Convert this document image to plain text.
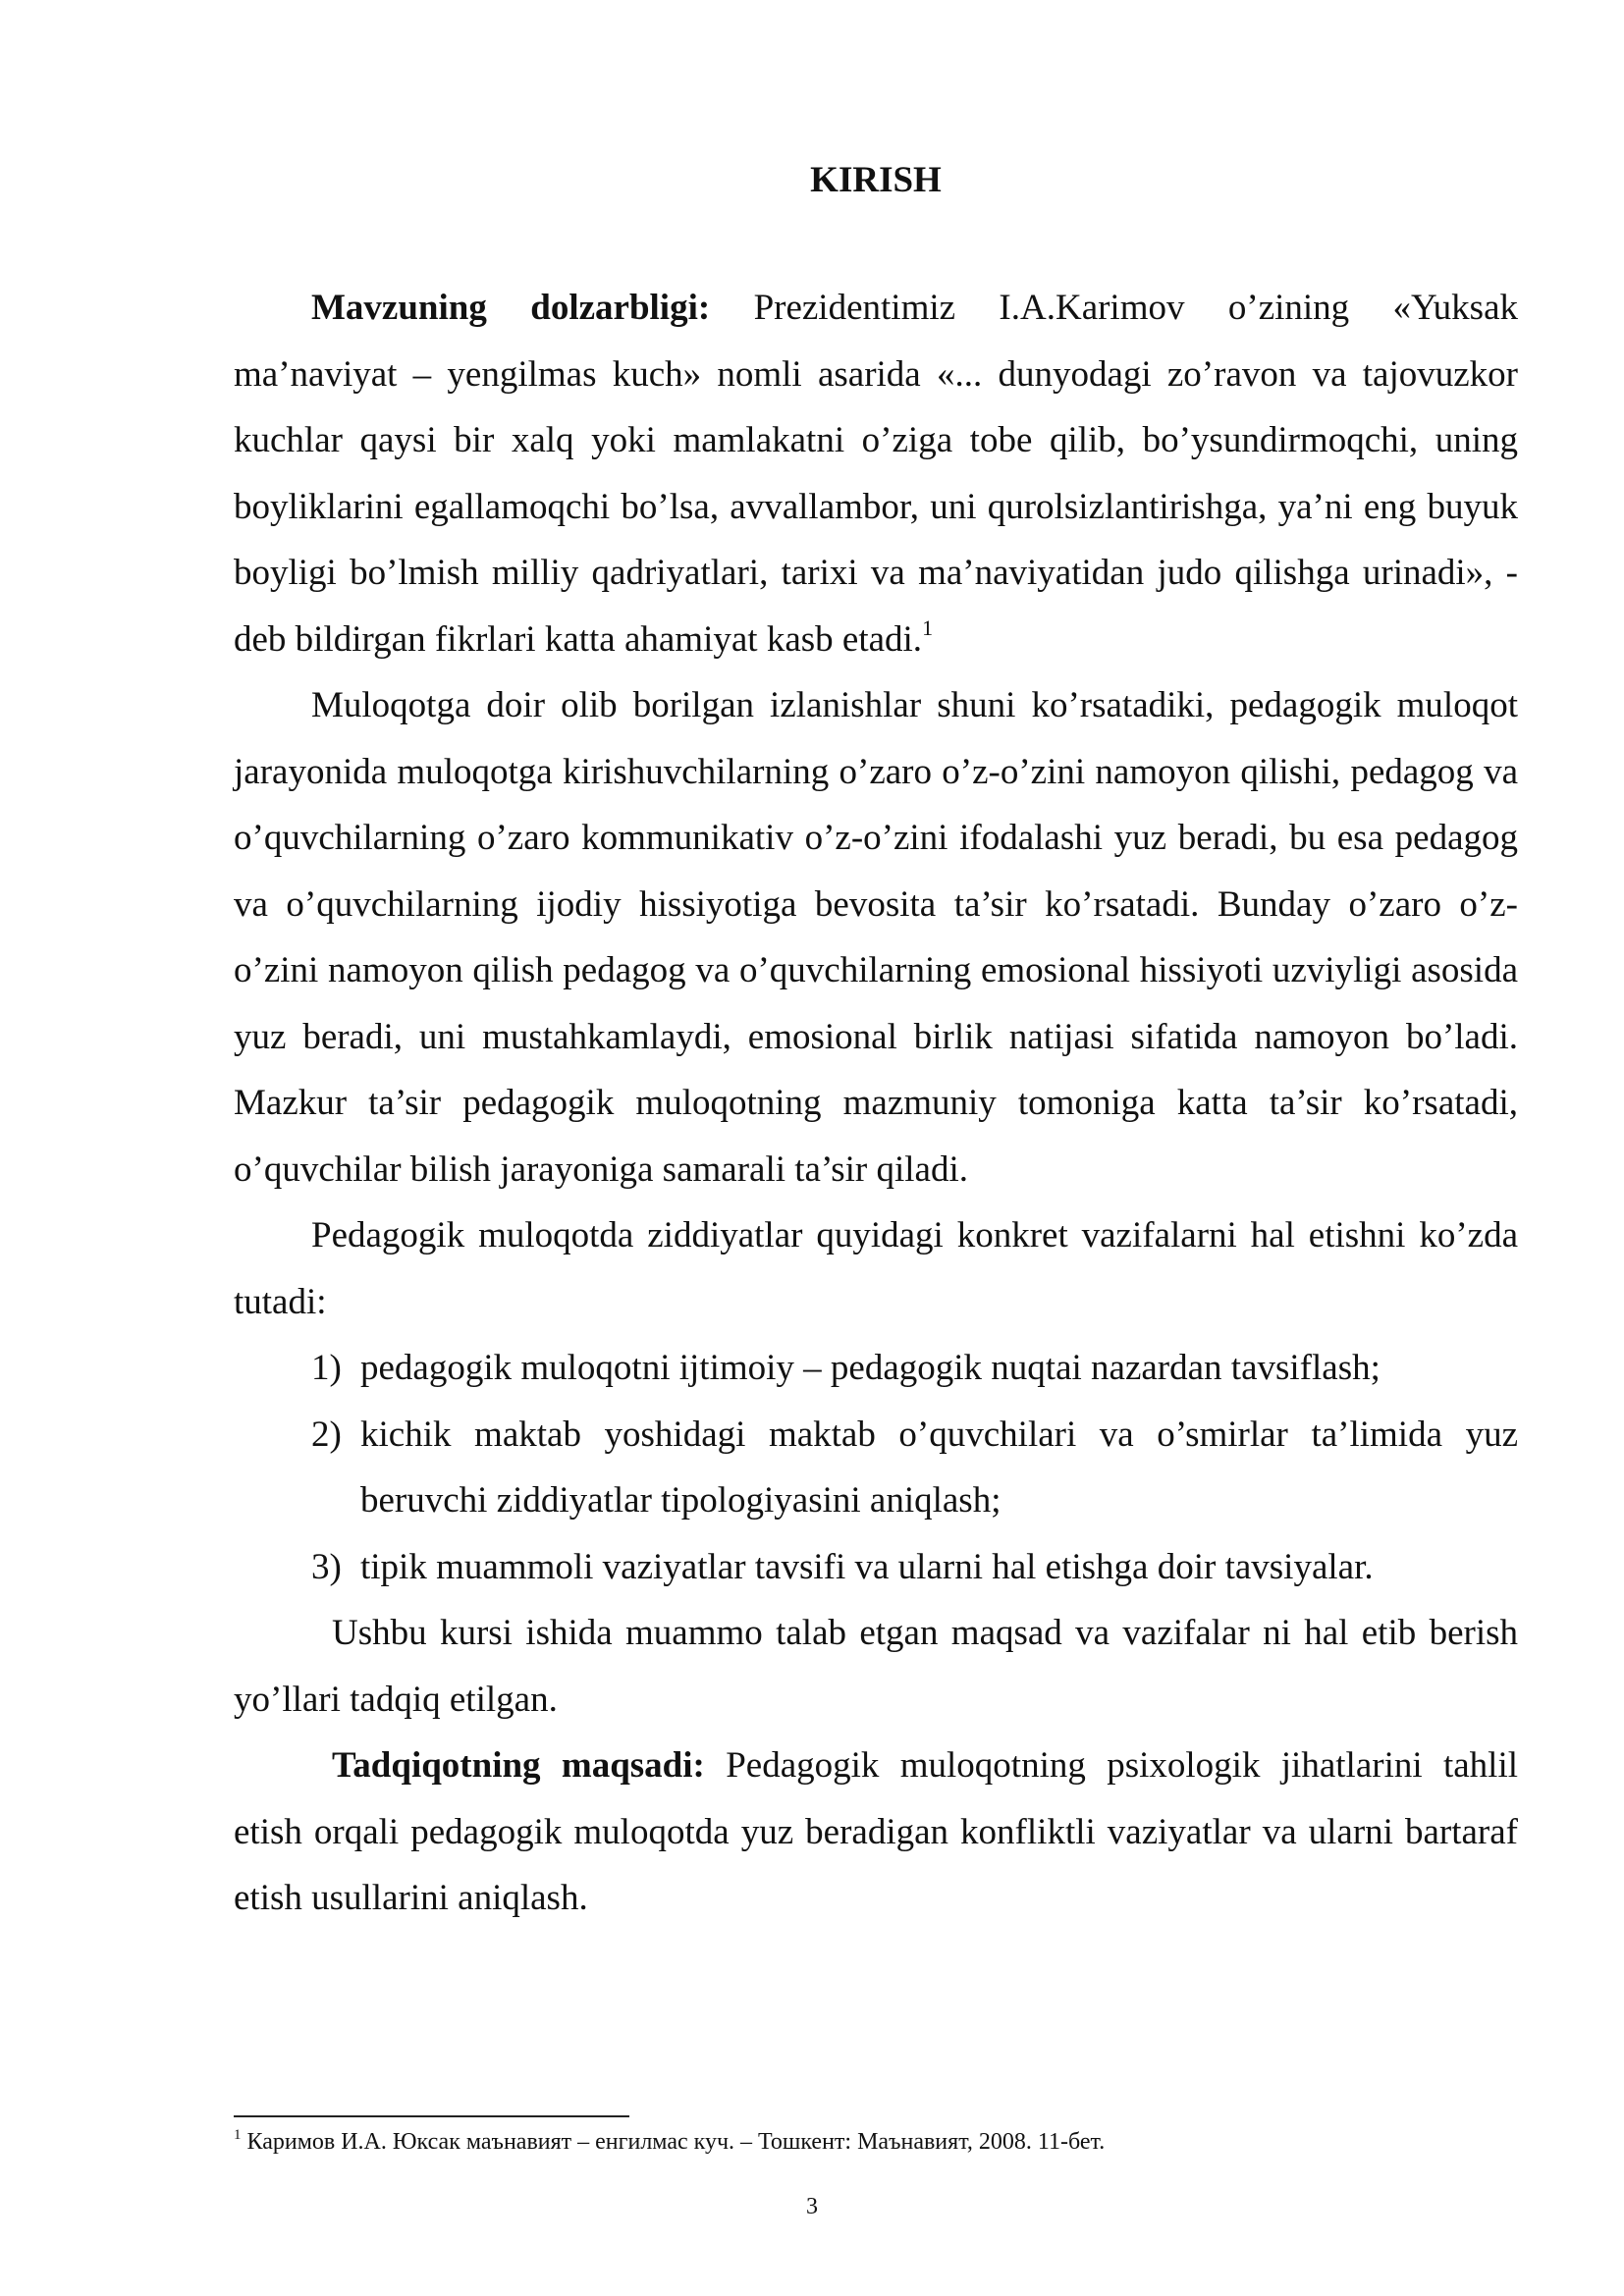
KIRISH

Mavzuning dolzarbligi: Prezidentimiz I.A.Karimov o’zining «Yuksak ma’naviyat – yengilmas kuch» nomli asarida «... dunyodagi zo’ravon va tajovuzkor kuchlar qaysi bir xalq yoki mamlakatni o’ziga tobe qilib, bo’ysundirmoqchi, uning boyliklarini egallamoqchi bo’lsa, avvallambor, uni qurolsizlantirishga, ya’ni eng buyuk boyligi bo’lmish milliy qadriyatlari, tarixi va ma’naviyatidan judo qilishga urinadi», - deb bildirgan fikrlari katta ahamiyat kasb etadi.$^1$

Muloqotga doir olib borilgan izlanishlar shuni ko’rsatadiki, pedagogik muloqot jarayonida muloqotga kirishuvchilarning o’zaro o’z-o’zini namoyon qilishi, pedagog va o’quvchilarning o’zaro kommunikativ o’z-o’zini ifodalashi yuz beradi, bu esa pedagog va o’quvchilarning ijodiy hissiyotiga bevosita ta’sir ko’rsatadi. Bunday o’zaro o’z-o’zini namoyon qilish pedagog va o’quvchilarning emosional hissiyoti uzviyligi asosida yuz beradi, uni mustahkamlaydi, emosional birlik natijasi sifatida namoyon bo’ladi. Mazkur ta’sir pedagogik muloqotning mazmuniy tomoniga katta ta’sir ko’rsatadi, o’quvchilar bilish jarayoniga samarali ta’sir qiladi.

Pedagogik muloqotda ziddiyatlar quyidagi konkret vazifalarni hal etishni ko’zda tutadi:

1) pedagogik muloqotni ijtimoiy – pedagogik nuqtai nazardan tavsiflash;
2) kichik maktab yoshidagi maktab o’quvchilari va o’smirlar ta’limida yuz beruvchi ziddiyatlar tipologiyasini aniqlash;
3) tipik muammoli vaziyatlar tavsifi va ularni hal etishga doir tavsiyalar.

Ushbu kursi ishida muammo talab etgan maqsad va vazifalar ni hal etib berish yo’llari tadqiq etilgan.

Tadqiqotning maqsadi: Pedagogik muloqotning psixologik jihatlarini tahlil etish orqali pedagogik muloqotda yuz beradigan konfliktli vaziyatlar va ularni bartaraf etish usullarini aniqlash.

$^1$ Каримов И.А. Юксак маънавият – енгилмас куч. – Тошкент: Маънавият, 2008. 11-бет.
3
